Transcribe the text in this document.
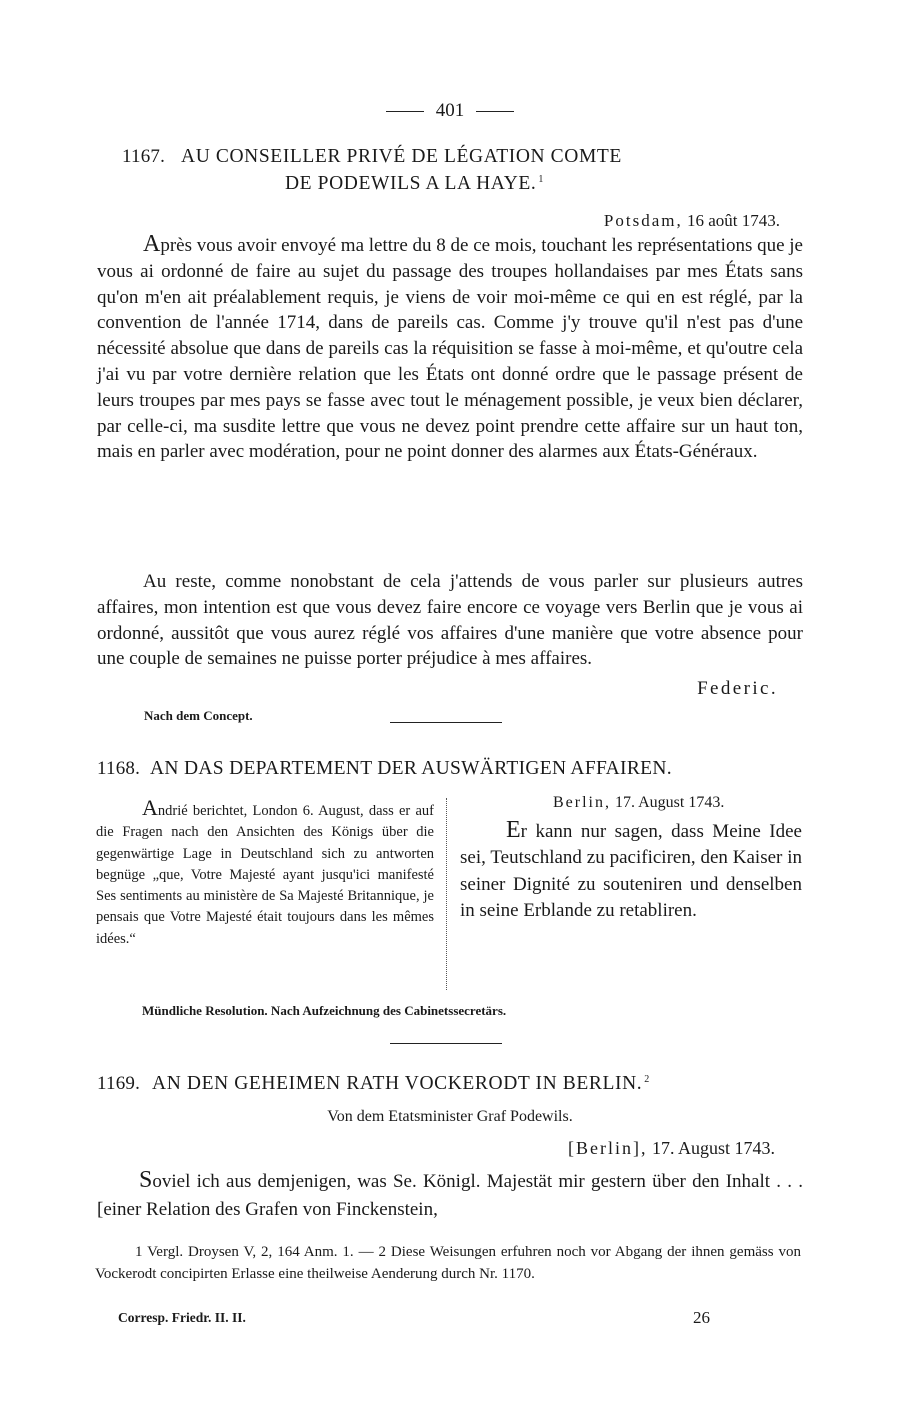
401
1167. AU CONSEILLER PRIVÉ DE LÉGATION COMTE
DE PODEWILS A LA HAYE. $^1$
Potsdam, 16 août 1743.

Après vous avoir envoyé ma lettre du 8 de ce mois, touchant les représentations que je vous ai ordonné de faire au sujet du passage des troupes hollandaises par mes États sans qu'on m'en ait préalablement requis, je viens de voir moi-même ce qui en est réglé, par la convention de l'année 1714, dans de pareils cas. Comme j'y trouve qu'il n'est pas d'une nécessité absolue que dans de pareils cas la réquisition se fasse à moi-même, et qu'outre cela j'ai vu par votre dernière relation que les États ont donné ordre que le passage présent de leurs troupes par mes pays se fasse avec tout le ménagement possible, je veux bien déclarer, par celle-ci, ma susdite lettre que vous ne devez point prendre cette affaire sur un haut ton, mais en parler avec modération, pour ne point donner des alarmes aux États-Généraux.

Au reste, comme nonobstant de cela j'attends de vous parler sur plusieurs autres affaires, mon intention est que vous devez faire encore ce voyage vers Berlin que je vous ai ordonné, aussitôt que vous aurez réglé vos affaires d'une manière que votre absence pour une couple de semaines ne puisse porter préjudice à mes affaires.

Federic.
Nach dem Concept.
1168. AN DAS DEPARTEMENT DER AUSWÄRTIGEN AFFAIREN.

Andrié berichtet, London 6. August, dass er auf die Fragen nach den Ansichten des Königs über die gegenwärtige Lage in Deutschland sich zu antworten begnüge „que, Votre Majesté ayant jusqu'ici manifesté Ses sentiments au ministère de Sa Majesté Britannique, je pensais que Votre Majesté était toujours dans les mêmes idées.“

Berlin, 17. August 1743.

Er kann nur sagen, dass Meine Idee sei, Teutschland zu pacificiren, den Kaiser in seiner Dignité zu souteniren und denselben in seine Erblande zu retabliren.

Mündliche Resolution. Nach Aufzeichnung des Cabinetssecretärs.
1169. AN DEN GEHEIMEN RATH VOCKERODT IN BERLIN. $^2$
Von dem Etatsminister Graf Podewils.
[Berlin], 17. August 1743.

Soviel ich aus demjenigen, was Se. Königl. Majestät mir gestern über den Inhalt . . . [einer Relation des Grafen von Finckenstein,

1 Vergl. Droysen V, 2, 164 Anm. 1. — 2 Diese Weisungen erfuhren noch vor Abgang der ihnen gemäss von Vockerodt concipirten Erlasse eine theilweise Aenderung durch Nr. 1170.

Corresp. Friedr. II. II.	26
